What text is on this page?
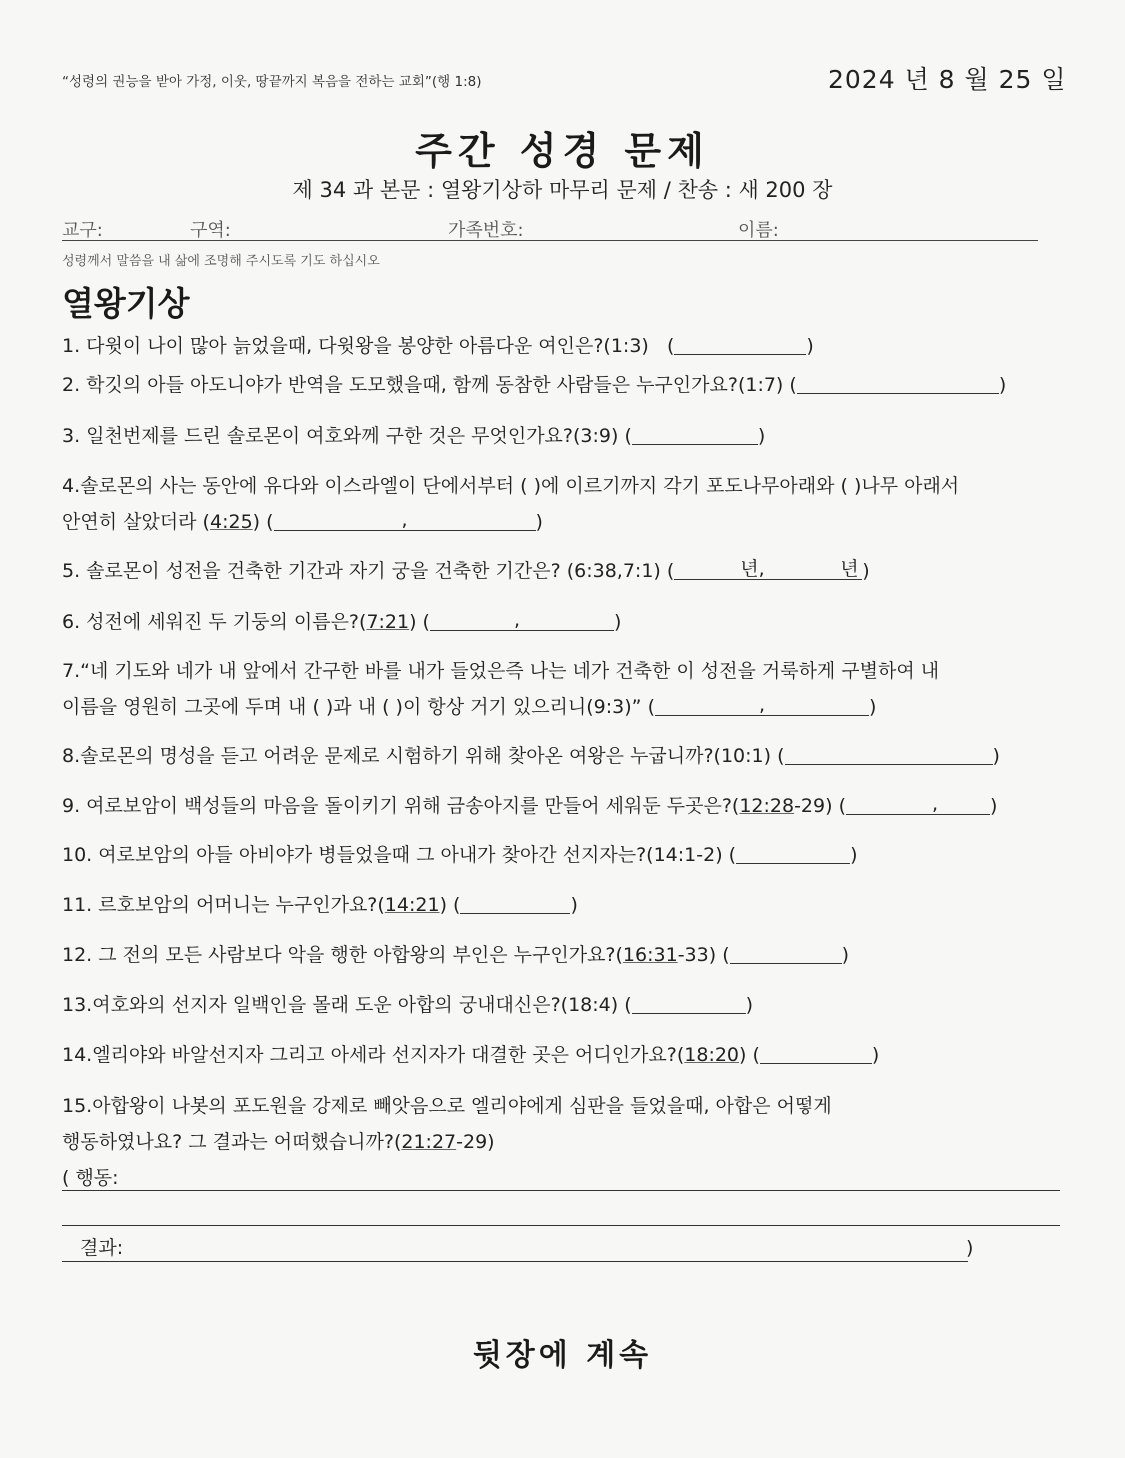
“성령의 권능을 받아 가정, 이웃, 땅끝까지 복음을 전하는 교회”(행 1:8)	2024 년 8 월 25 일
주간 성경 문제
제 34 과 본문 : 열왕기상하 마무리 문제 / 찬송 : 새 200 장
교구:	구역:	가족번호:	이름:
성령께서 말씀을 내 삶에 조명해 주시도록 기도 하십시오
열왕기상
1. 다윗이 나이 많아 늙었을때, 다윗왕을 봉양한 아름다운 여인은?(1:3)   (	)
2. 학깃의 아들 아도니야가 반역을 도모했을때, 함께 동참한 사람들은 누구인가요?(1:7) (	)
3. 일천번제를 드린 솔로몬이 여호와께 구한 것은 무엇인가요?(3:9) (	)
4.솔로몬의 사는 동안에 유다와 이스라엘이 단에서부터 ( )에 이르기까지 각기 포도나무아래와 ( )나무 아래서
안연히 살았더라 (4:25) (	,	)
5. 솔로몬이 성전을 건축한 기간과 자기 궁을 건축한 기간은? (6:38,7:1) (	년,	년 )
6. 성전에 세워진 두 기둥의 이름은?(7:21) (	,	)
7.“네 기도와 네가 내 앞에서 간구한 바를 내가 들었은즉 나는 네가 건축한 이 성전을 거룩하게 구별하여 내
이름을 영원히 그곳에 두며 내 ( )과 내 ( )이 항상 거기 있으리니(9:3)” (	,	)
8.솔로몬의 명성을 듣고 어려운 문제로 시험하기 위해 찾아온 여왕은 누굽니까?(10:1) (	)
9. 여로보암이 백성들의 마음을 돌이키기 위해 금송아지를 만들어 세워둔 두곳은?(12:28-29) (	,	)
10. 여로보암의 아들 아비야가 병들었을때 그 아내가 찾아간 선지자는?(14:1-2) (	)
11. 르호보암의 어머니는 누구인가요?(14:21) (	)
12. 그 전의 모든 사람보다 악을 행한 아합왕의 부인은 누구인가요?(16:31-33) (	)
13.여호와의 선지자 일백인을 몰래 도운 아합의 궁내대신은?(18:4) (	)
14.엘리야와 바알선지자 그리고 아세라 선지자가 대결한 곳은 어디인가요?(18:20) (	)
15.아합왕이 나봇의 포도원을 강제로 빼앗음으로 엘리야에게 심판을 들었을때, 아합은 어떻게
행동하였나요? 그 결과는 어떠했습니까?(21:27-29)
( 행동:
결과:	)
뒷장에 계속
